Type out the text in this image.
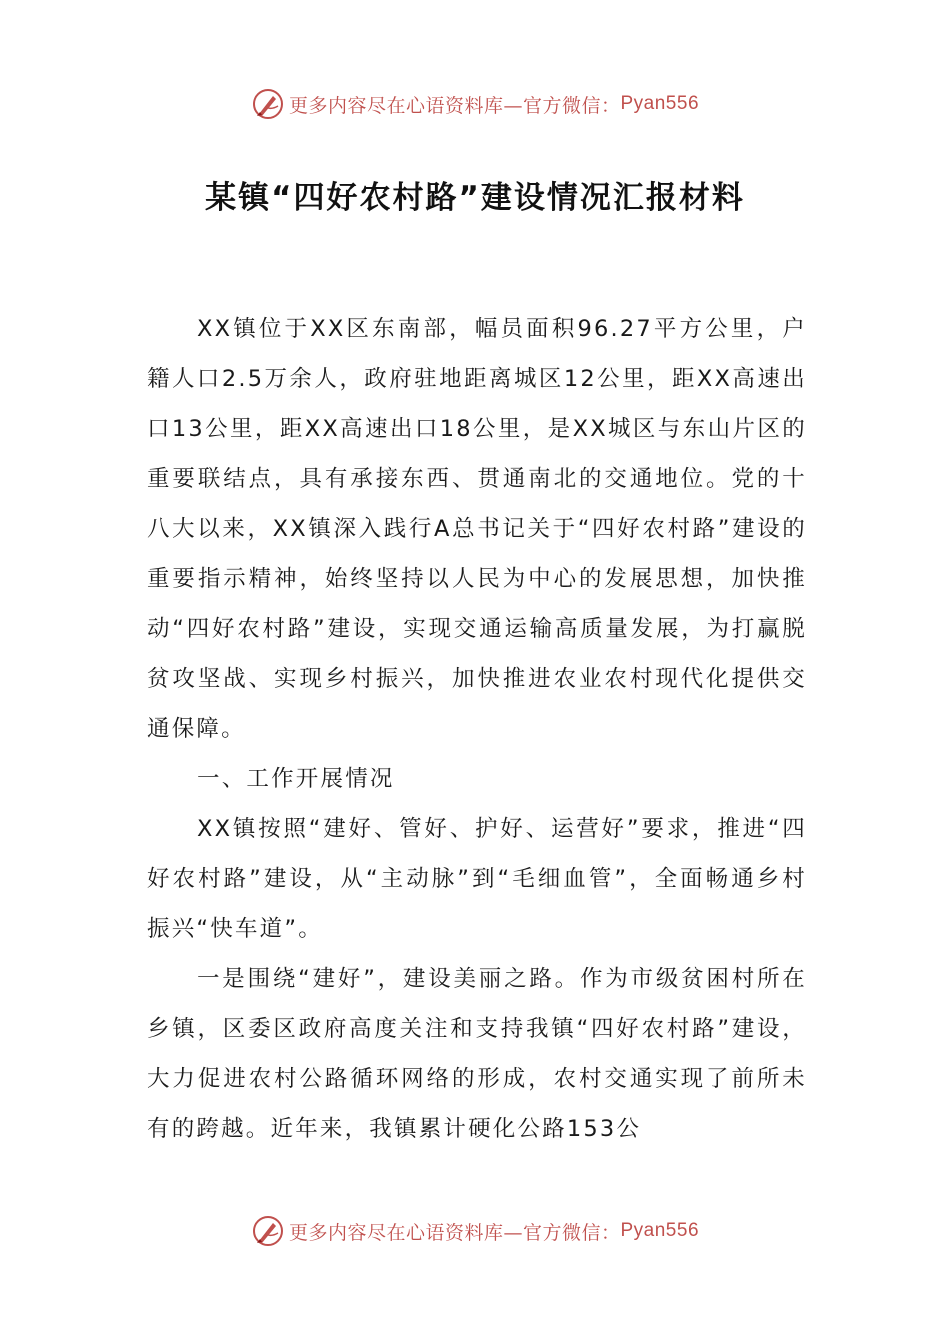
更多内容尽在心语资料库—官方微信： Pyan556
某镇“四好农村路”建设情况汇报材料

XX镇位于XX区东南部，幅员面积96.27平方公里，户籍人口2.5万余人，政府驻地距离城区12公里，距XX高速出口13公里，距XX高速出口18公里，是XX城区与东山片区的重要联结点，具有承接东西、贯通南北的交通地位。党的十八大以来，XX镇深入践行A总书记关于“四好农村路”建设的重要指示精神，始终坚持以人民为中心的发展思想，加快推动“四好农村路”建设，实现交通运输高质量发展，为打赢脱贫攻坚战、实现乡村振兴，加快推进农业农村现代化提供交通保障。

一、工作开展情况

XX镇按照“建好、管好、护好、运营好”要求，推进“四好农村路”建设，从“主动脉”到“毛细血管”，全面畅通乡村振兴“快车道”。

一是围绕“建好”，建设美丽之路。作为市级贫困村所在乡镇，区委区政府高度关注和支持我镇“四好农村路”建设，大力促进农村公路循环网络的形成，农村交通实现了前所未有的跨越。近年来，我镇累计硬化公路153公

更多内容尽在心语资料库—官方微信： Pyan556
